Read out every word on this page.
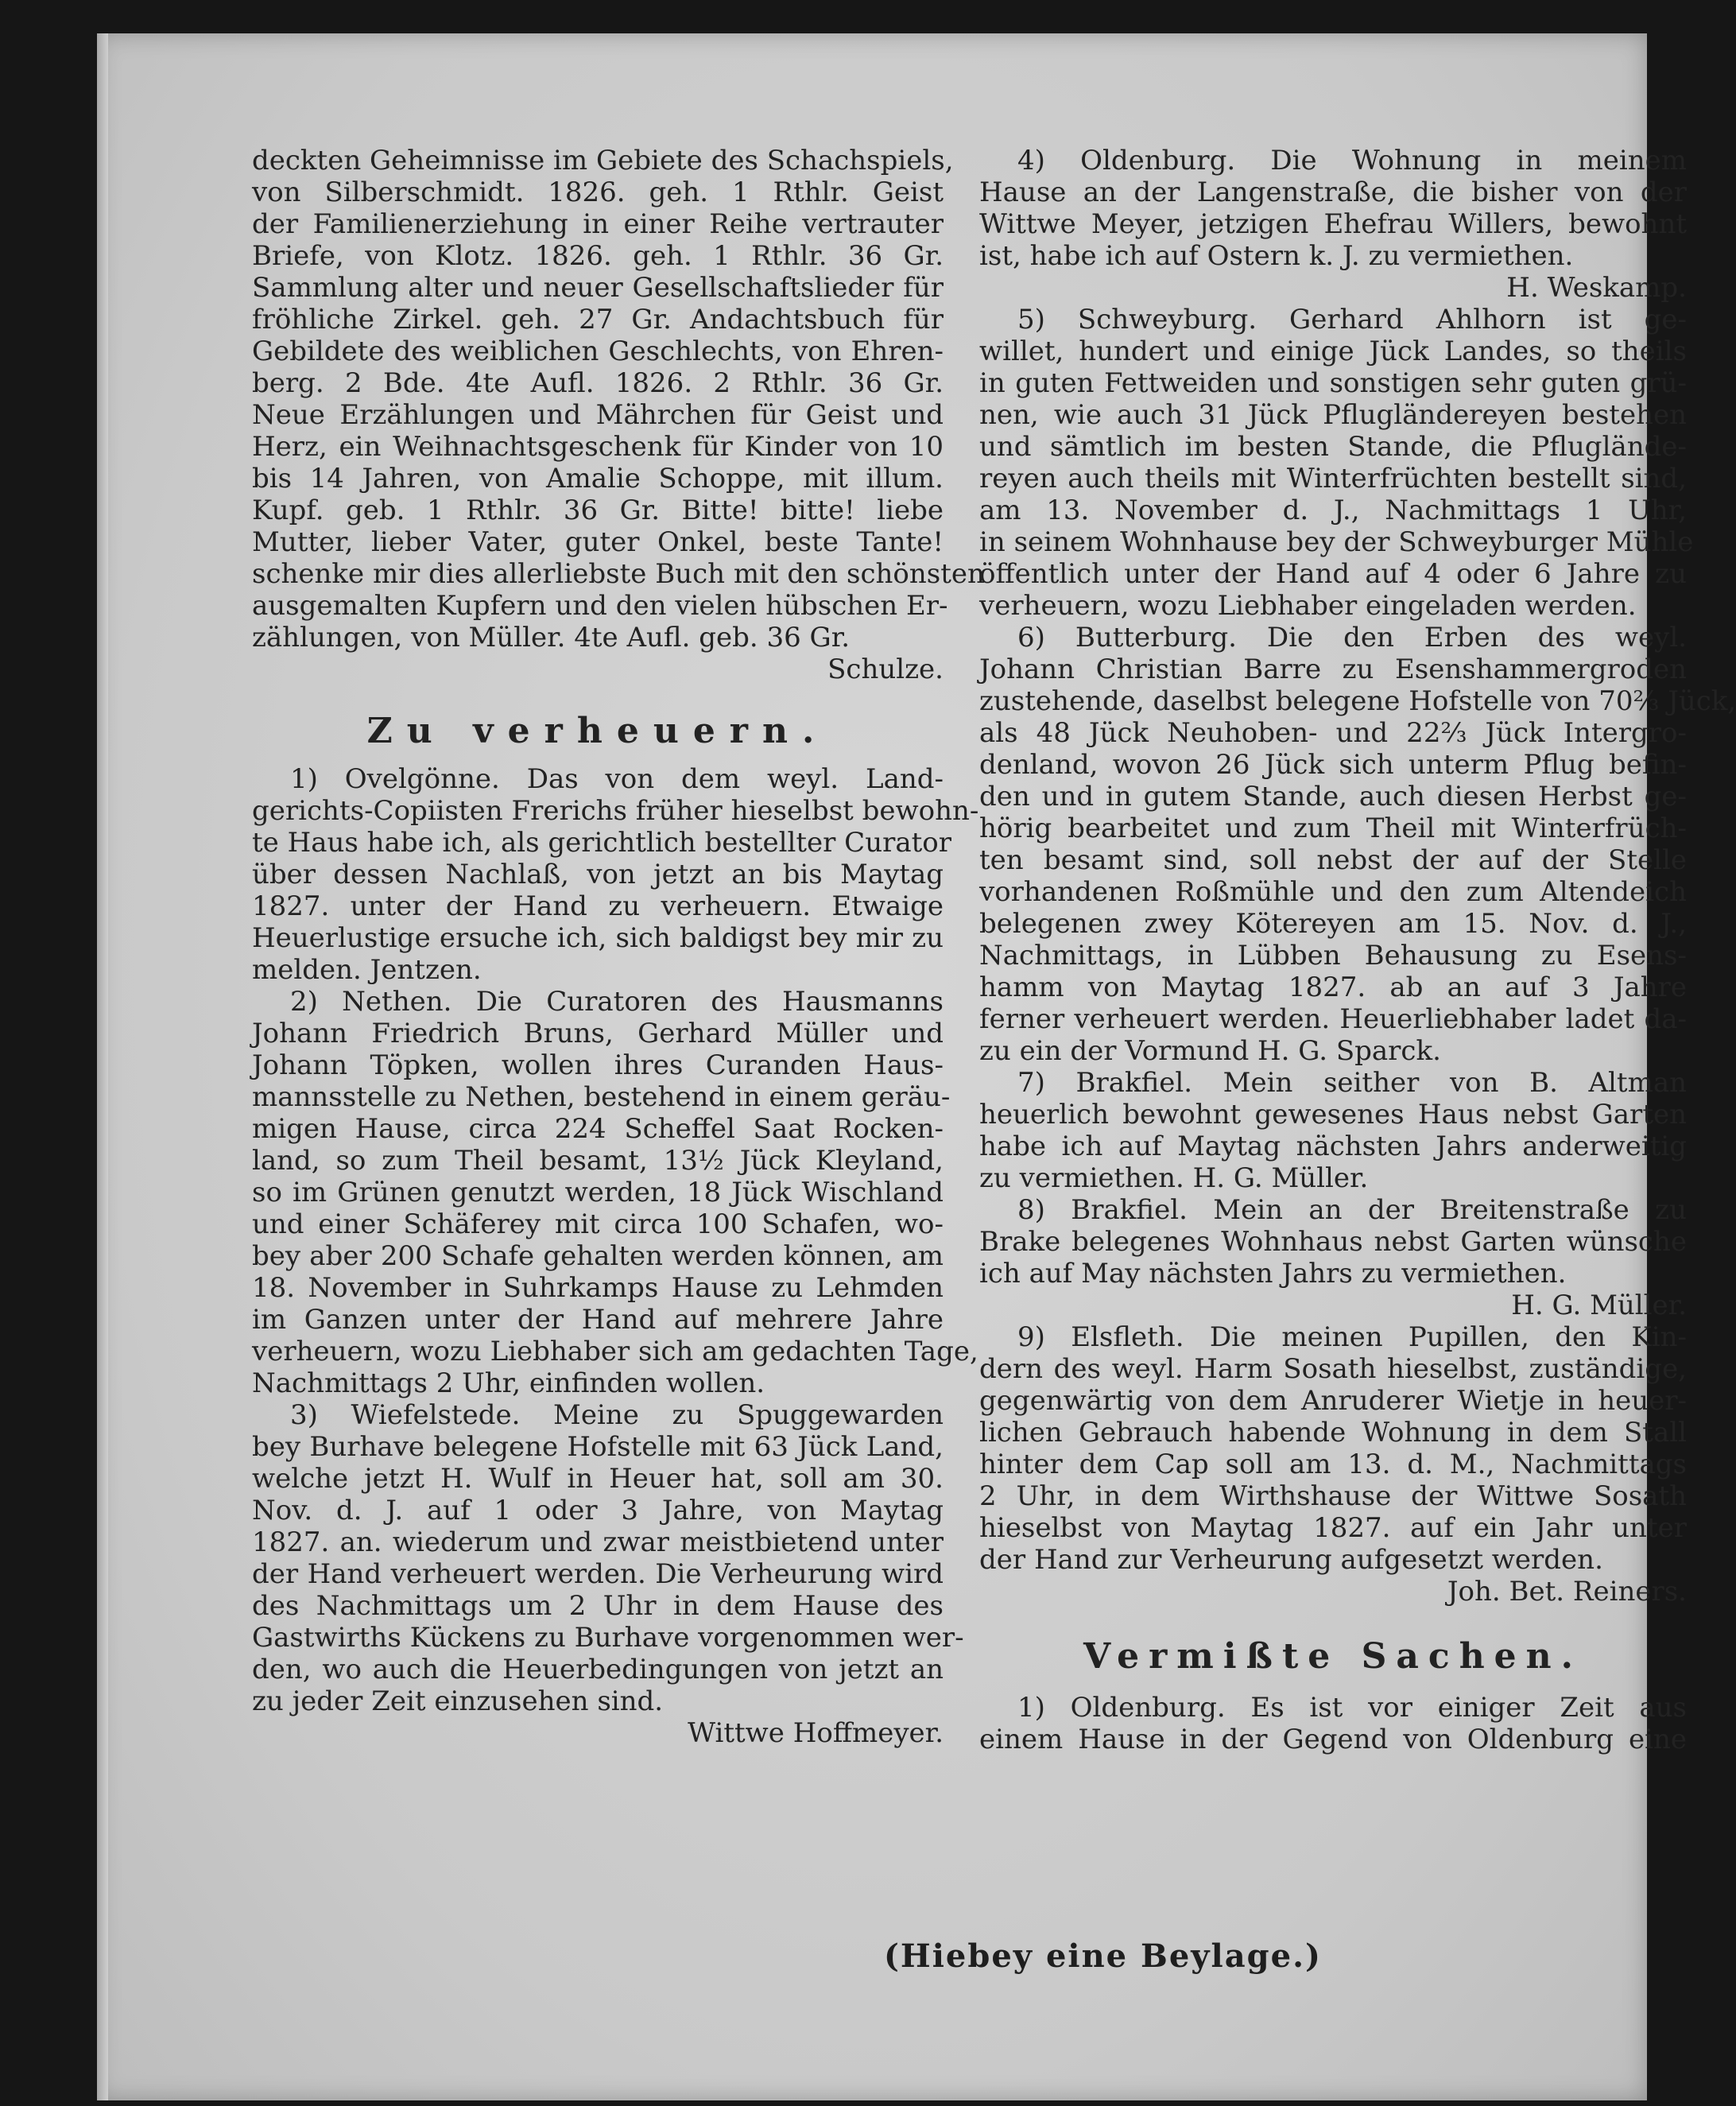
deckten Geheimnisse im Gebiete des Schachspiels,
von Silberschmidt. 1826. geh. 1 Rthlr. Geist
der Familienerziehung in einer Reihe vertrauter
Briefe, von Klotz. 1826. geh. 1 Rthlr. 36 Gr.
Sammlung alter und neuer Gesellschaftslieder für
fröhliche Zirkel. geh. 27 Gr. Andachtsbuch für
Gebildete des weiblichen Geschlechts, von Ehren-
berg. 2 Bde. 4te Aufl. 1826. 2 Rthlr. 36 Gr.
Neue Erzählungen und Mährchen für Geist und
Herz, ein Weihnachtsgeschenk für Kinder von 10
bis 14 Jahren, von Amalie Schoppe, mit illum.
Kupf. geb. 1 Rthlr. 36 Gr. Bitte! bitte! liebe
Mutter, lieber Vater, guter Onkel, beste Tante!
schenke mir dies allerliebste Buch mit den schönsten
ausgemalten Kupfern und den vielen hübschen Er-
zählungen, von Müller. 4te Aufl. geb. 36 Gr.
Schulze.
Zu verheuern.
1) Ovelgönne. Das von dem weyl. Land-
gerichts-Copiisten Frerichs früher hieselbst bewohn-
te Haus habe ich, als gerichtlich bestellter Curator
über dessen Nachlaß, von jetzt an bis Maytag
1827. unter der Hand zu verheuern. Etwaige
Heuerlustige ersuche ich, sich baldigst bey mir zu
melden. Jentzen.
2) Nethen. Die Curatoren des Hausmanns
Johann Friedrich Bruns, Gerhard Müller und
Johann Töpken, wollen ihres Curanden Haus-
mannsstelle zu Nethen, bestehend in einem geräu-
migen Hause, circa 224 Scheffel Saat Rocken-
land, so zum Theil besamt, 13½ Jück Kleyland,
so im Grünen genutzt werden, 18 Jück Wischland
und einer Schäferey mit circa 100 Schafen, wo-
bey aber 200 Schafe gehalten werden können, am
18. November in Suhrkamps Hause zu Lehmden
im Ganzen unter der Hand auf mehrere Jahre
verheuern, wozu Liebhaber sich am gedachten Tage,
Nachmittags 2 Uhr, einfinden wollen.
3) Wiefelstede. Meine zu Spuggewarden
bey Burhave belegene Hofstelle mit 63 Jück Land,
welche jetzt H. Wulf in Heuer hat, soll am 30.
Nov. d. J. auf 1 oder 3 Jahre, von Maytag
1827. an. wiederum und zwar meistbietend unter
der Hand verheuert werden. Die Verheurung wird
des Nachmittags um 2 Uhr in dem Hause des
Gastwirths Kückens zu Burhave vorgenommen wer-
den, wo auch die Heuerbedingungen von jetzt an
zu jeder Zeit einzusehen sind.
Wittwe Hoffmeyer.
4) Oldenburg. Die Wohnung in meinem
Hause an der Langenstraße, die bisher von der
Wittwe Meyer, jetzigen Ehefrau Willers, bewohnt
ist, habe ich auf Ostern k. J. zu vermiethen.
H. Weskamp.
5) Schweyburg. Gerhard Ahlhorn ist ge-
willet, hundert und einige Jück Landes, so theils
in guten Fettweiden und sonstigen sehr guten grü-
nen, wie auch 31 Jück Pflugländereyen bestehen
und sämtlich im besten Stande, die Pfluglände-
reyen auch theils mit Winterfrüchten bestellt sind,
am 13. November d. J., Nachmittags 1 Uhr,
in seinem Wohnhause bey der Schweyburger Mühle
öffentlich unter der Hand auf 4 oder 6 Jahre zu
verheuern, wozu Liebhaber eingeladen werden.
6) Butterburg. Die den Erben des weyl.
Johann Christian Barre zu Esenshammergroden
zustehende, daselbst belegene Hofstelle von 70⅔ Jück,
als 48 Jück Neuhoben- und 22⅔ Jück Intergro-
denland, wovon 26 Jück sich unterm Pflug befin-
den und in gutem Stande, auch diesen Herbst ge-
hörig bearbeitet und zum Theil mit Winterfrüch-
ten besamt sind, soll nebst der auf der Stelle
vorhandenen Roßmühle und den zum Altendeich
belegenen zwey Kötereyen am 15. Nov. d. J.,
Nachmittags, in Lübben Behausung zu Esens-
hamm von Maytag 1827. ab an auf 3 Jahre
ferner verheuert werden. Heuerliebhaber ladet da-
zu ein der Vormund H. G. Sparck.
7) Brakfiel. Mein seither von B. Altman
heuerlich bewohnt gewesenes Haus nebst Garten
habe ich auf Maytag nächsten Jahrs anderweitig
zu vermiethen. H. G. Müller.
8) Brakfiel. Mein an der Breitenstraße zu
Brake belegenes Wohnhaus nebst Garten wünsche
ich auf May nächsten Jahrs zu vermiethen.
H. G. Müller.
9) Elsfleth. Die meinen Pupillen, den Kin-
dern des weyl. Harm Sosath hieselbst, zuständige,
gegenwärtig von dem Anruderer Wietje in heuer-
lichen Gebrauch habende Wohnung in dem Stall
hinter dem Cap soll am 13. d. M., Nachmittags
2 Uhr, in dem Wirthshause der Wittwe Sosath
hieselbst von Maytag 1827. auf ein Jahr unter
der Hand zur Verheurung aufgesetzt werden.
Joh. Bet. Reiners.
Vermißte Sachen.
1) Oldenburg. Es ist vor einiger Zeit aus
einem Hause in der Gegend von Oldenburg eine
(Hiebey eine Beylage.)
